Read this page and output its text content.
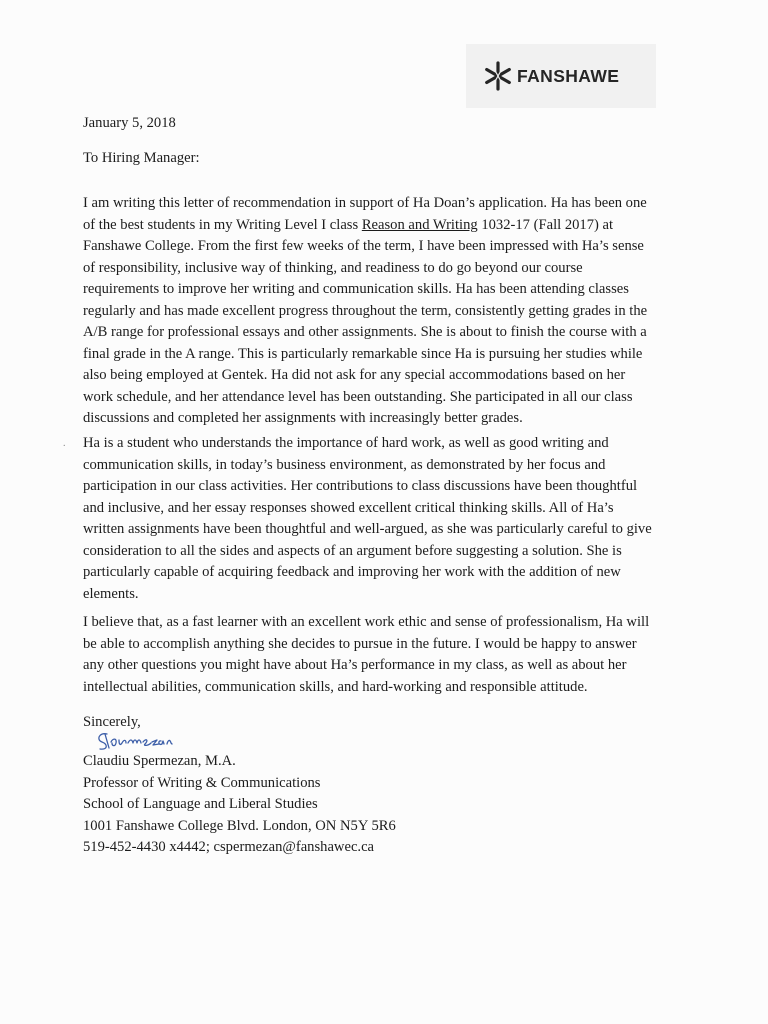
FANSHAWE
.
January 5, 2018
To Hiring Manager:
I am writing this letter of recommendation in support of Ha Doan’s application. Ha has been one
of the best students in my Writing Level I class Reason and Writing 1032-17 (Fall 2017) at
Fanshawe College. From the first few weeks of the term, I have been impressed with Ha’s sense
of responsibility, inclusive way of thinking, and readiness to do go beyond our course
requirements to improve her writing and communication skills. Ha has been attending classes
regularly and has made excellent progress throughout the term, consistently getting grades in the
A/B range for professional essays and other assignments. She is about to finish the course with a
final grade in the A range. This is particularly remarkable since Ha is pursuing her studies while
also being employed at Gentek. Ha did not ask for any special accommodations based on her
work schedule, and her attendance level has been outstanding. She participated in all our class
discussions and completed her assignments with increasingly better grades.
Ha is a student who understands the importance of hard work, as well as good writing and
communication skills, in today’s business environment, as demonstrated by her focus and
participation in our class activities. Her contributions to class discussions have been thoughtful
and inclusive, and her essay responses showed excellent critical thinking skills. All of Ha’s
written assignments have been thoughtful and well-argued, as she was particularly careful to give
consideration to all the sides and aspects of an argument before suggesting a solution. She is
particularly capable of acquiring feedback and improving her work with the addition of new
elements.
I believe that, as a fast learner with an excellent work ethic and sense of professionalism, Ha will
be able to accomplish anything she decides to pursue in the future. I would be happy to answer
any other questions you might have about Ha’s performance in my class, as well as about her
intellectual abilities, communication skills, and hard-working and responsible attitude.
Sincerely,
Claudiu Spermezan, M.A.
Professor of Writing & Communications
School of Language and Liberal Studies
1001 Fanshawe College Blvd. London, ON N5Y 5R6
519-452-4430 x4442; cspermezan@fanshawec.ca
